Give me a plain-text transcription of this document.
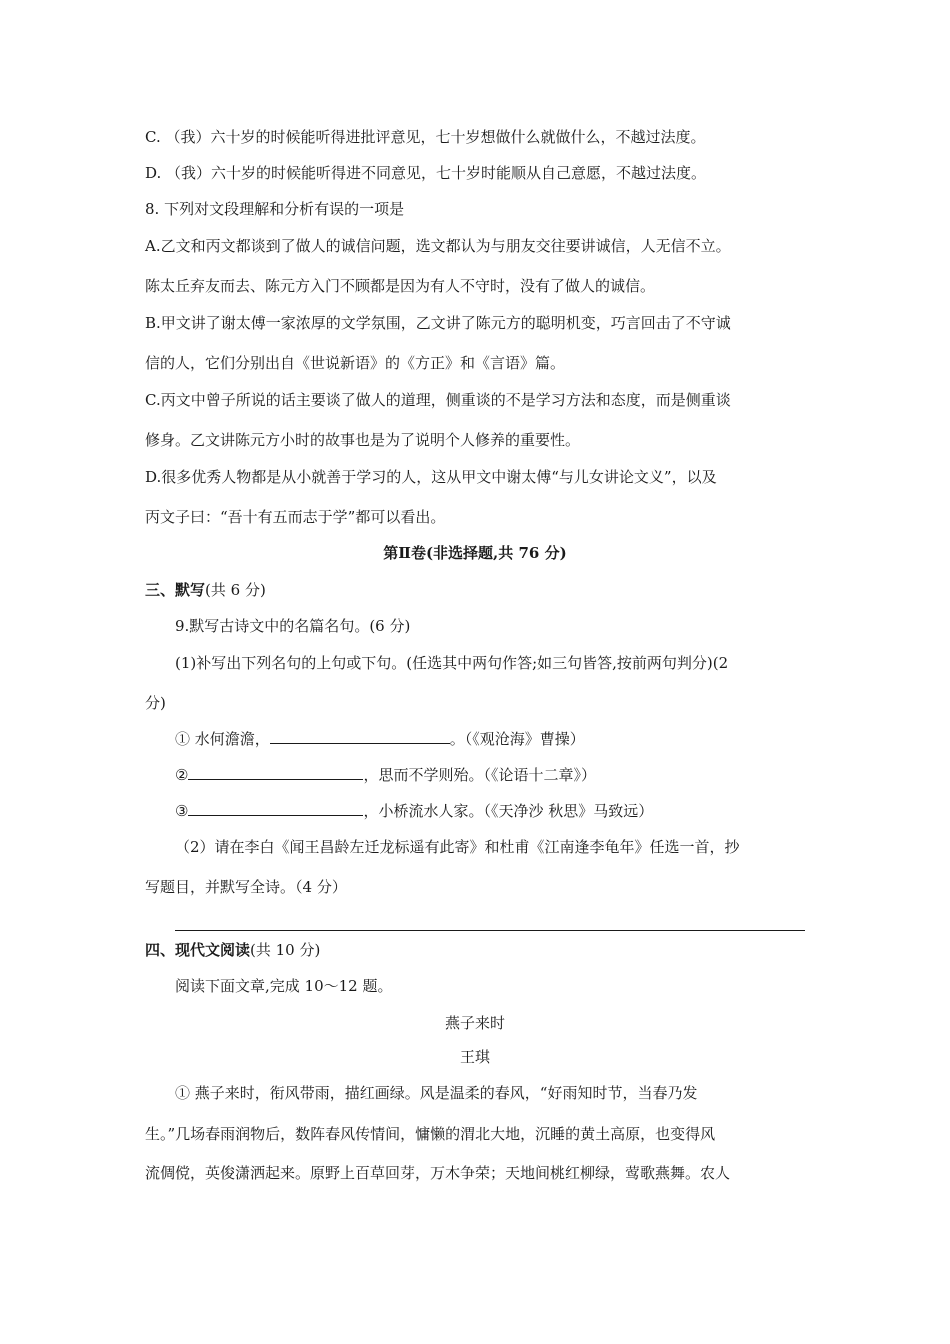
C. （我）六十岁的时候能听得进批评意见，七十岁想做什么就做什么，不越过法度。
D. （我）六十岁的时候能听得进不同意见，七十岁时能顺从自己意愿，不越过法度。
8. 下列对文段理解和分析有误的一项是
A.乙文和丙文都谈到了做人的诚信问题，选文都认为与朋友交往要讲诚信，人无信不立。
陈太丘弃友而去、陈元方入门不顾都是因为有人不守时，没有了做人的诚信。
B.甲文讲了谢太傅一家浓厚的文学氛围，乙文讲了陈元方的聪明机变，巧言回击了不守诚
信的人，它们分别出自《世说新语》的《方正》和《言语》篇。
C.丙文中曾子所说的话主要谈了做人的道理，侧重谈的不是学习方法和态度，而是侧重谈
修身。乙文讲陈元方小时的故事也是为了说明个人修养的重要性。
D.很多优秀人物都是从小就善于学习的人，这从甲文中谢太傅“与儿女讲论文义”，以及
丙文子曰：“吾十有五而志于学”都可以看出。
第Ⅱ卷(非选择题,共 76 分)
三、默写(共 6 分)
9.默写古诗文中的名篇名句。(6 分)
(1)补写出下列名句的上句或下句。(任选其中两句作答;如三句皆答,按前两句判分)(2
分)
① 水何澹澹，	。（《观沧海》曹操）
②	，思而不学则殆。（《论语十二章》）
③	，小桥流水人家。（《天净沙 秋思》马致远）
（2）请在李白《闻王昌龄左迁龙标遥有此寄》和杜甫《江南逢李龟年》任选一首，抄
写题目，并默写全诗。（4 分）
四、现代文阅读(共 10 分)
阅读下面文章,完成 10～12 题。
燕子来时
王琪
① 燕子来时，衔风带雨，描红画绿。风是温柔的春风，“好雨知时节，当春乃发
生。”几场春雨润物后，数阵春风传情间，慵懒的渭北大地，沉睡的黄土高原，也变得风
流倜傥，英俊潇洒起来。原野上百草回芽，万木争荣；天地间桃红柳绿，莺歌燕舞。农人
